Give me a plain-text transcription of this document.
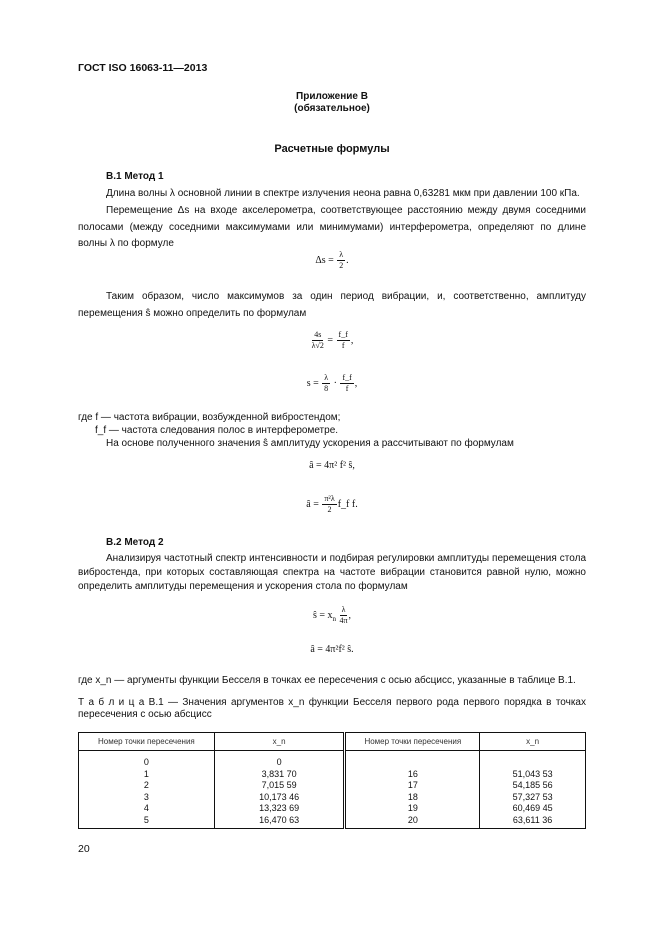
ГОСТ ISO 16063-11—2013
Приложение В
(обязательное)
Расчетные формулы
В.1 Метод 1
Длина волны λ основной линии в спектре излучения неона равна 0,63281 мкм при давлении 100 кПа.
Перемещение Δs на входе акселерометра, соответствующее расстоянию между двумя соседними полосами (между соседними максимумами или минимумами) интерферометра, определяют по длине волны λ по формуле
$\Delta s = \frac{\lambda}{2}$ .
Таким образом, число максимумов за один период вибрации, и, соответственно, амплитуду перемещения ŝ можно определить по формулам
$\frac{4s}{\lambda√2} = \frac{f\_f}{f}$ ,
$s = \frac{\lambda}{8} \cdot \frac{f\_f}{f}$ ,
где f — частота вибрации, возбужденной вибростендом;
f_f — частота следования полос в интерферометре.
На основе полученного значения ŝ амплитуду ускорения a рассчитывают по формулам
â = 4π² f² ŝ,
â = $\frac{\text{π²λ}}{2}$ f_f f.
В.2 Метод 2
Анализируя частотный спектр интенсивности и подбирая регулировки амплитуды перемещения стола вибростенда, при которых составляющая спектра на частоте вибрации становится равной нулю, можно определить амплитуды перемещения и ускорения стола по формулам
ŝ = $x_n \frac{\lambda}{4\pi}$ ,
â = 4π²f² ŝ.
где x_n — аргументы функции Бесселя в точках ее пересечения с осью абсцисс, указанные в таблице В.1.
Т а б л и ц а В.1 — Значения аргументов x_n функции Бесселя первого рода первого порядка в точках пересечения с осью абсцисс
Номер точки пересечения	x_n	Номер точки пересечения	x_n
0	0		
1	3,831 70	16	51,043 53
2	7,015 59	17	54,185 56
3	10,173 46	18	57,327 53
4	13,323 69	19	60,469 45
5	16,470 63	20	63,611 36
20
